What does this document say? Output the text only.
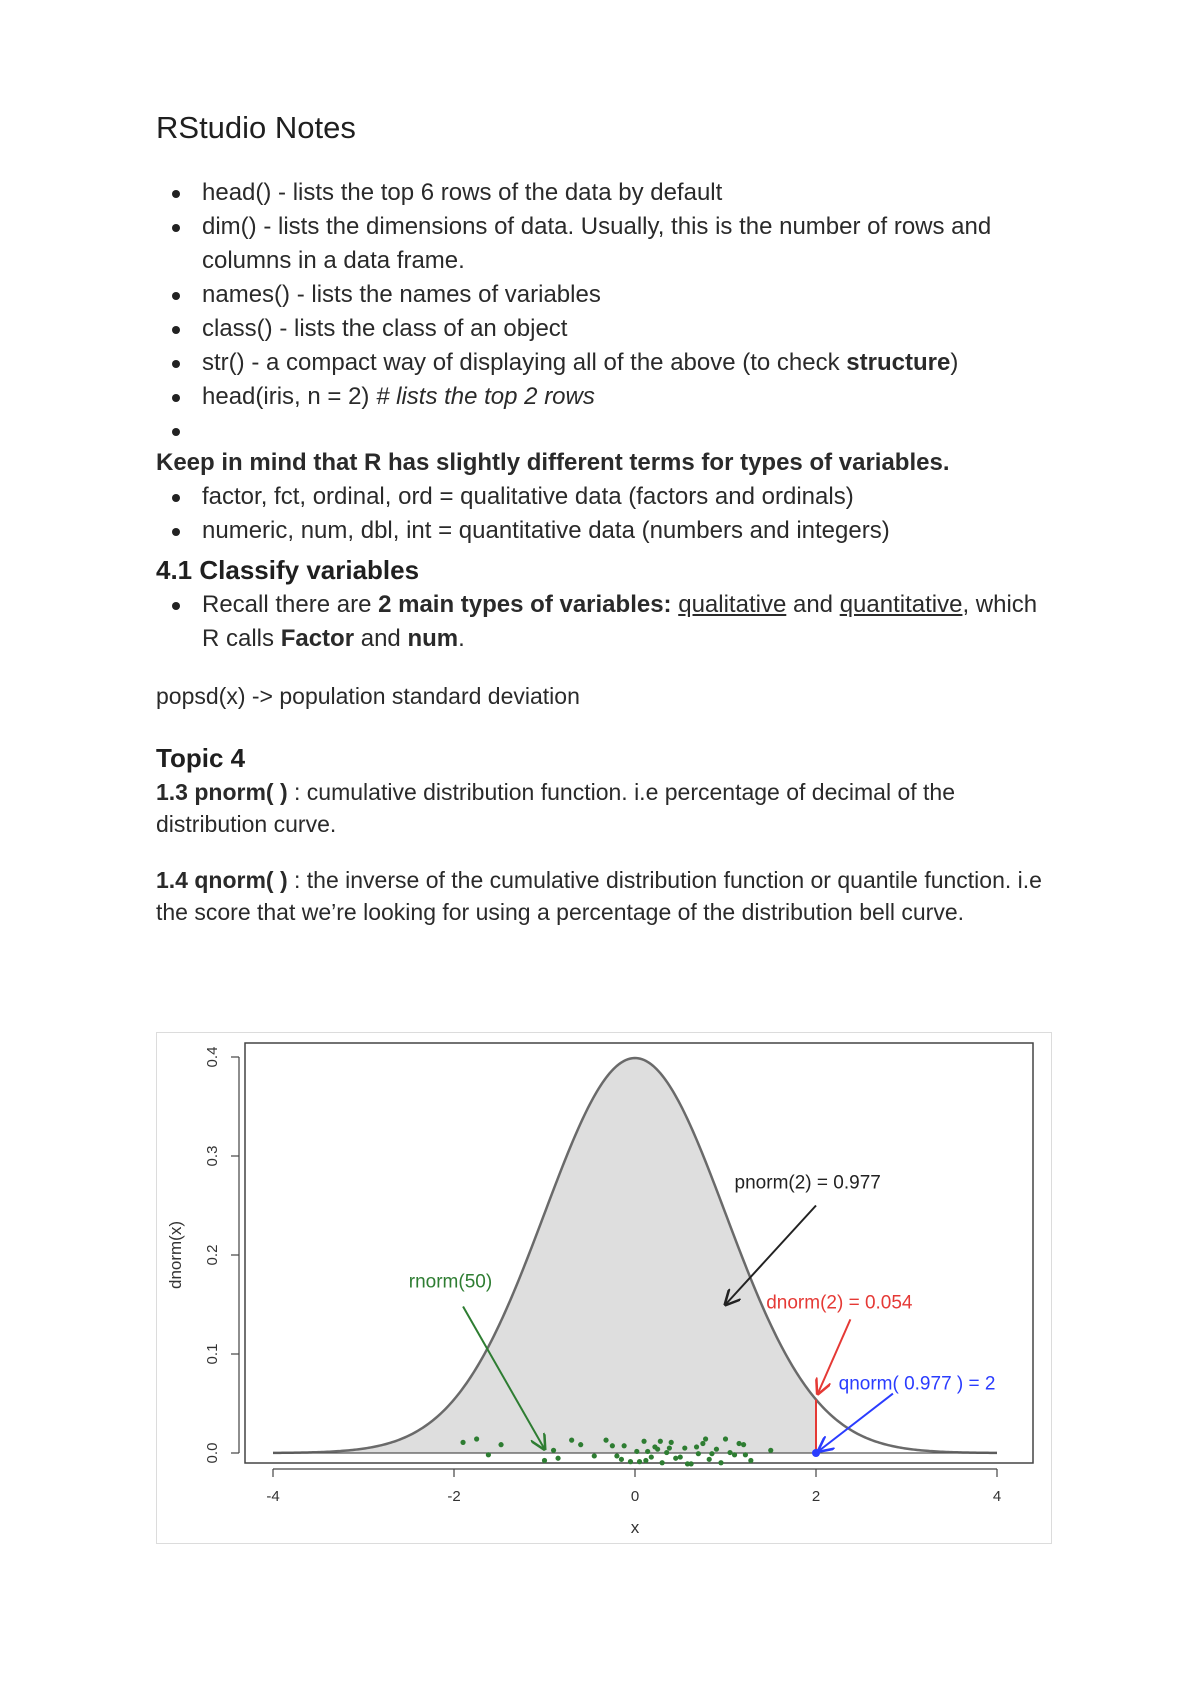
RStudio Notes
head() - lists the top 6 rows of the data by default
dim() - lists the dimensions of data. Usually, this is the number of rows and columns in a data frame.
names() - lists the names of variables
class() - lists the class of an object
str() - a compact way of displaying all of the above (to check structure)
head(iris, n = 2) # lists the top 2 rows
Keep in mind that R has slightly different terms for types of variables.
factor, fct, ordinal, ord = qualitative data (factors and ordinals)
numeric, num, dbl, int = quantitative data (numbers and integers)
4.1 Classify variables
Recall there are 2 main types of variables: qualitative and quantitative, which R calls Factor and num.

popsd(x) -> population standard deviation

Topic 4

1.3 pnorm( ) : cumulative distribution function. i.e percentage of decimal of the distribution curve.

1.4 qnorm( ) : the inverse of the cumulative distribution function or quantile function. i.e the score that we’re looking for using a percentage of the distribution bell curve.

-4	-2	0	2	4
x
0.0
0.1
0.2
0.3
0.4
dnorm(x)
pnorm(2) = 0.977
dnorm(2) = 0.054
qnorm( 0.977 ) = 2
rnorm(50)
